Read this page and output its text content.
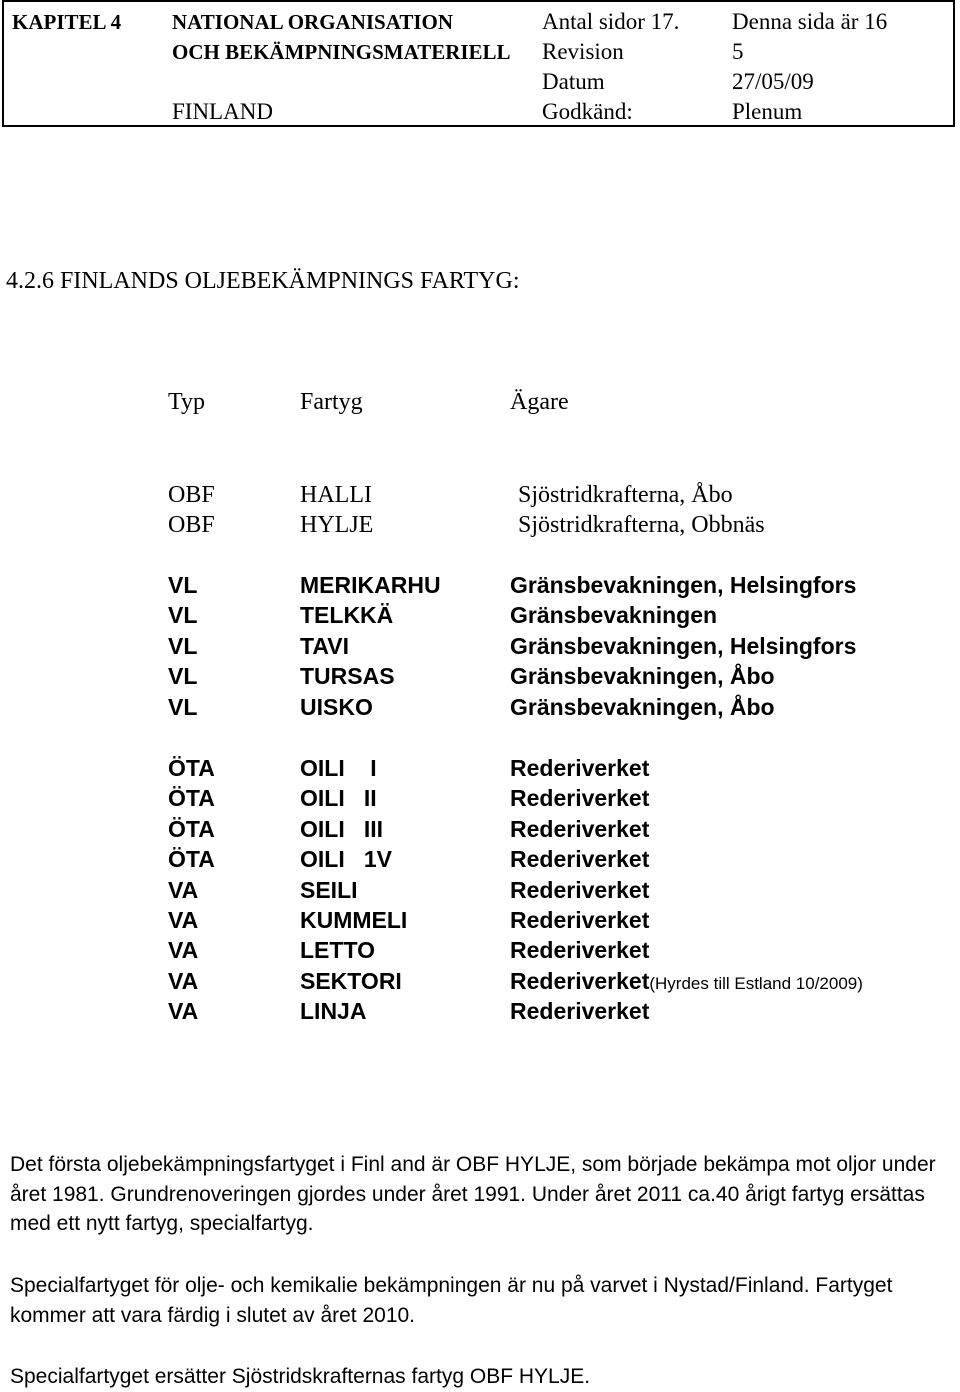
KAPITEL 4 NATIONAL ORGANISATION
OCH BEKÄMPNINGSMATERIELL
FINLAND
Antal sidor 17. Denna sida är 16
Revision	5
Datum	27/05/09
Godkänd:	Plenum
4.2.6 FINLANDS OLJEBEKÄMPNINGS FARTYG:
Typ	Fartyg	Ägare
OBF	HALLI	Sjöstridkrafterna, Åbo
OBF	HYLJE	Sjöstridkrafterna, Obbnäs
VL	MERIKARHU	Gränsbevakningen, Helsingfors
VL	TELKKÄ	Gränsbevakningen
VL	TAVI	Gränsbevakningen, Helsingfors
VL	TURSAS	Gränsbevakningen, Åbo
VL	UISKO	Gränsbevakningen, Åbo
ÖTA	OILI    I	Rederiverket
ÖTA	OILI   II	Rederiverket
ÖTA	OILI   III	Rederiverket
ÖTA	OILI   1V	Rederiverket
VA	SEILI	Rederiverket
VA	KUMMELI	Rederiverket
VA	LETTO	Rederiverket
VA	SEKTORI	Rederiverket(Hyrdes till Estland 10/2009)
VA	LINJA	Rederiverket
Det första oljebekämpningsfartyget i Finl and är OBF HYLJE, som började bekämpa mot oljor under året 1981. Grundrenoveringen gjordes under året 1991. Under året 2011 ca.40 årigt fartyg ersättas med ett nytt fartyg, specialfartyg.
Specialfartyget för olje- och kemikalie bekämpningen är nu på varvet i Nystad/Finland. Fartyget kommer att vara färdig i slutet av året 2010.
Specialfartyget ersätter Sjöstridskrafternas fartyg OBF HYLJE.
